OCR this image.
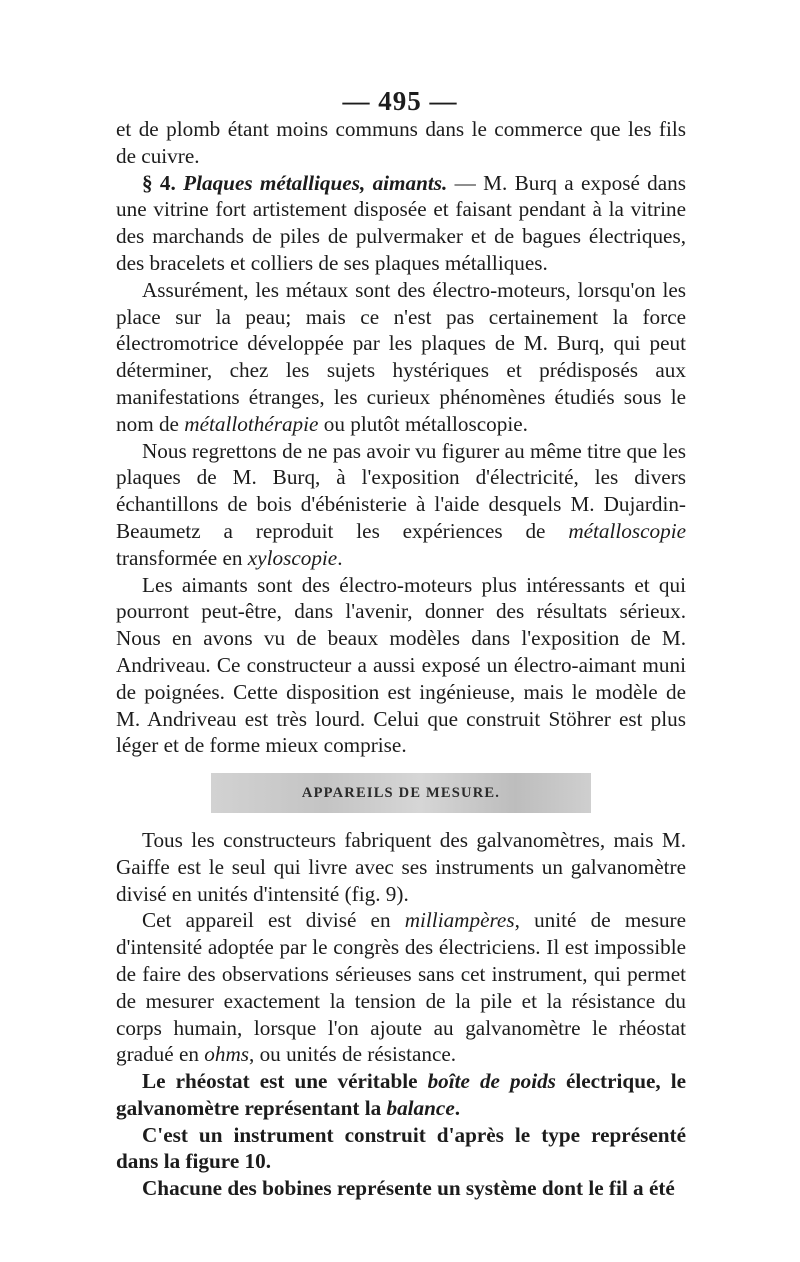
— 495 —

et de plomb étant moins communs dans le commerce que les fils de cuivre.

§ 4. Plaques métalliques, aimants. — M. Burq a exposé dans une vitrine fort artistement disposée et faisant pendant à la vitrine des marchands de piles de pulvermaker et de bagues électriques, des bracelets et colliers de ses plaques métalliques.

Assurément, les métaux sont des électro-moteurs, lorsqu'on les place sur la peau; mais ce n'est pas certainement la force électromotrice développée par les plaques de M. Burq, qui peut déterminer, chez les sujets hystériques et prédisposés aux manifestations étranges, les curieux phénomènes étudiés sous le nom de métallothérapie ou plutôt métalloscopie.

Nous regrettons de ne pas avoir vu figurer au même titre que les plaques de M. Burq, à l'exposition d'électricité, les divers échantillons de bois d'ébénisterie à l'aide desquels M. Dujardin-Beaumetz a reproduit les expériences de métalloscopie transformée en xyloscopie.

Les aimants sont des électro-moteurs plus intéressants et qui pourront peut-être, dans l'avenir, donner des résultats sérieux. Nous en avons vu de beaux modèles dans l'exposition de M. Andriveau. Ce constructeur a aussi exposé un électro-aimant muni de poignées. Cette disposition est ingénieuse, mais le modèle de M. Andriveau est très lourd. Celui que construit Stöhrer est plus léger et de forme mieux comprise.

APPAREILS DE MESURE.

Tous les constructeurs fabriquent des galvanomètres, mais M. Gaiffe est le seul qui livre avec ses instruments un galvanomètre divisé en unités d'intensité (fig. 9).

Cet appareil est divisé en milliampères, unité de mesure d'intensité adoptée par le congrès des électriciens. Il est impossible de faire des observations sérieuses sans cet instrument, qui permet de mesurer exactement la tension de la pile et la résistance du corps humain, lorsque l'on ajoute au galvanomètre le rhéostat gradué en ohms, ou unités de résistance.

Le rhéostat est une véritable boîte de poids électrique, le galvanomètre représentant la balance.

C'est un instrument construit d'après le type représenté dans la figure 10.

Chacune des bobines représente un système dont le fil a été
